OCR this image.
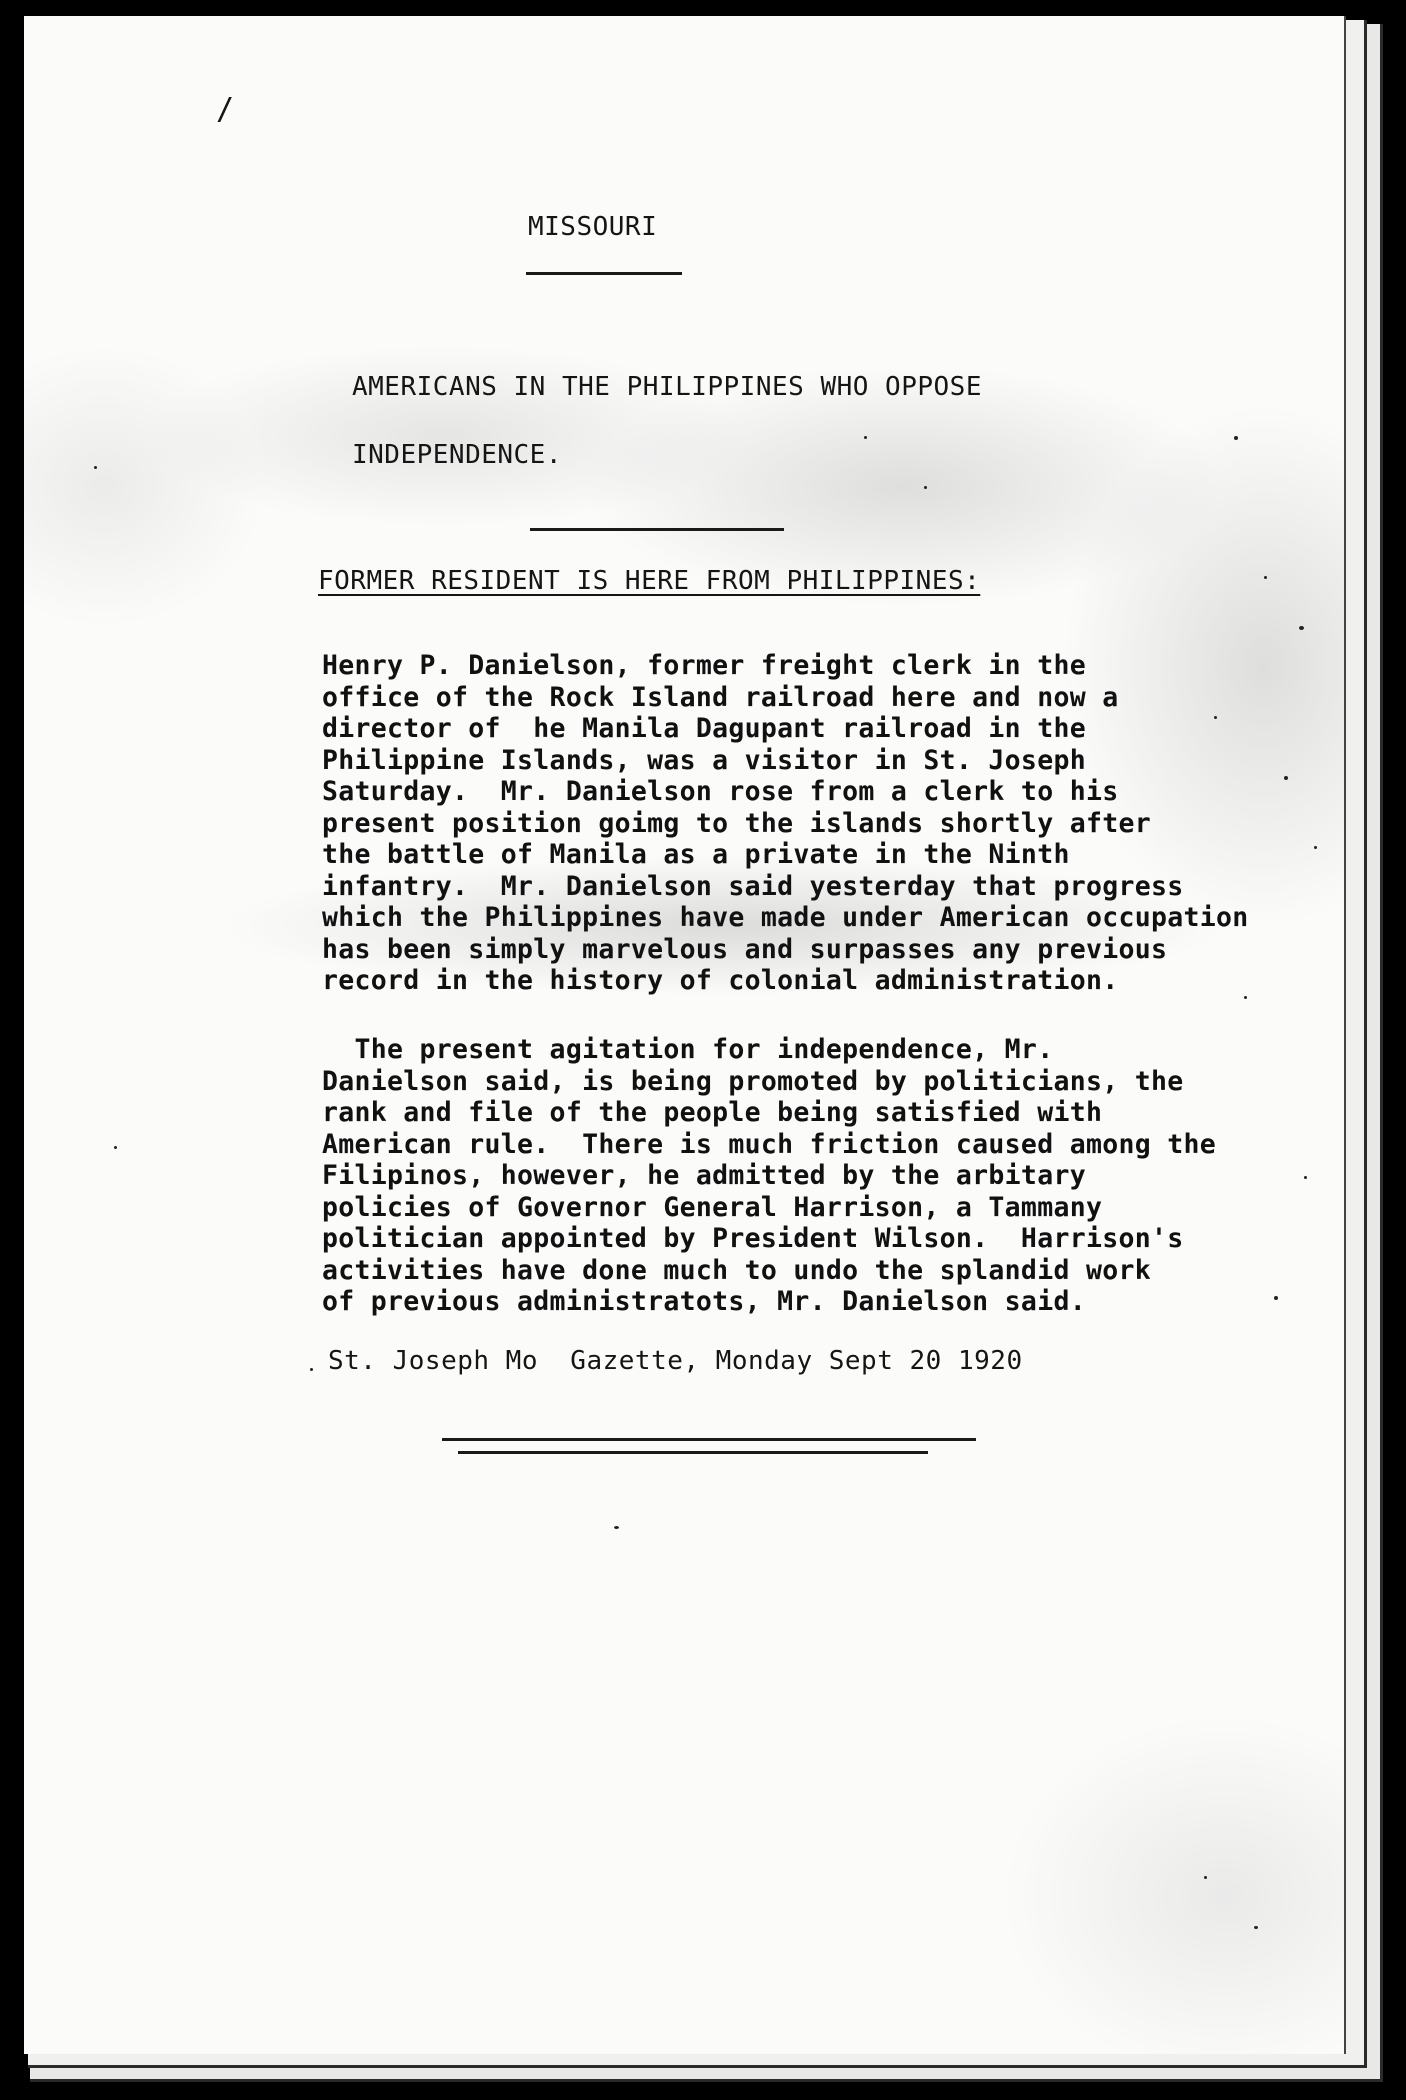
/
MISSOURI
AMERICANS IN THE PHILIPPINES WHO OPPOSE
INDEPENDENCE.
FORMER RESIDENT IS HERE FROM PHILIPPINES:
Henry P. Danielson, former freight clerk in the
office of the Rock Island railroad here and now a
director of  he Manila Dagupant railroad in the
Philippine Islands, was a visitor in St. Joseph
Saturday.  Mr. Danielson rose from a clerk to his
present position goimg to the islands shortly after
the battle of Manila as a private in the Ninth
infantry.  Mr. Danielson said yesterday that progress
which the Philippines have made under American occupation
has been simply marvelous and surpasses any previous
record in the history of colonial administration.
The present agitation for independence, Mr.
Danielson said, is being promoted by politicians, the
rank and file of the people being satisfied with
American rule.  There is much friction caused among the
Filipinos, however, he admitted by the arbitary
policies of Governor General Harrison, a Tammany
politician appointed by President Wilson.  Harrison's
activities have done much to undo the splandid work
of previous administratots, Mr. Danielson said.
St. Joseph Mo  Gazette, Monday Sept 20 1920
